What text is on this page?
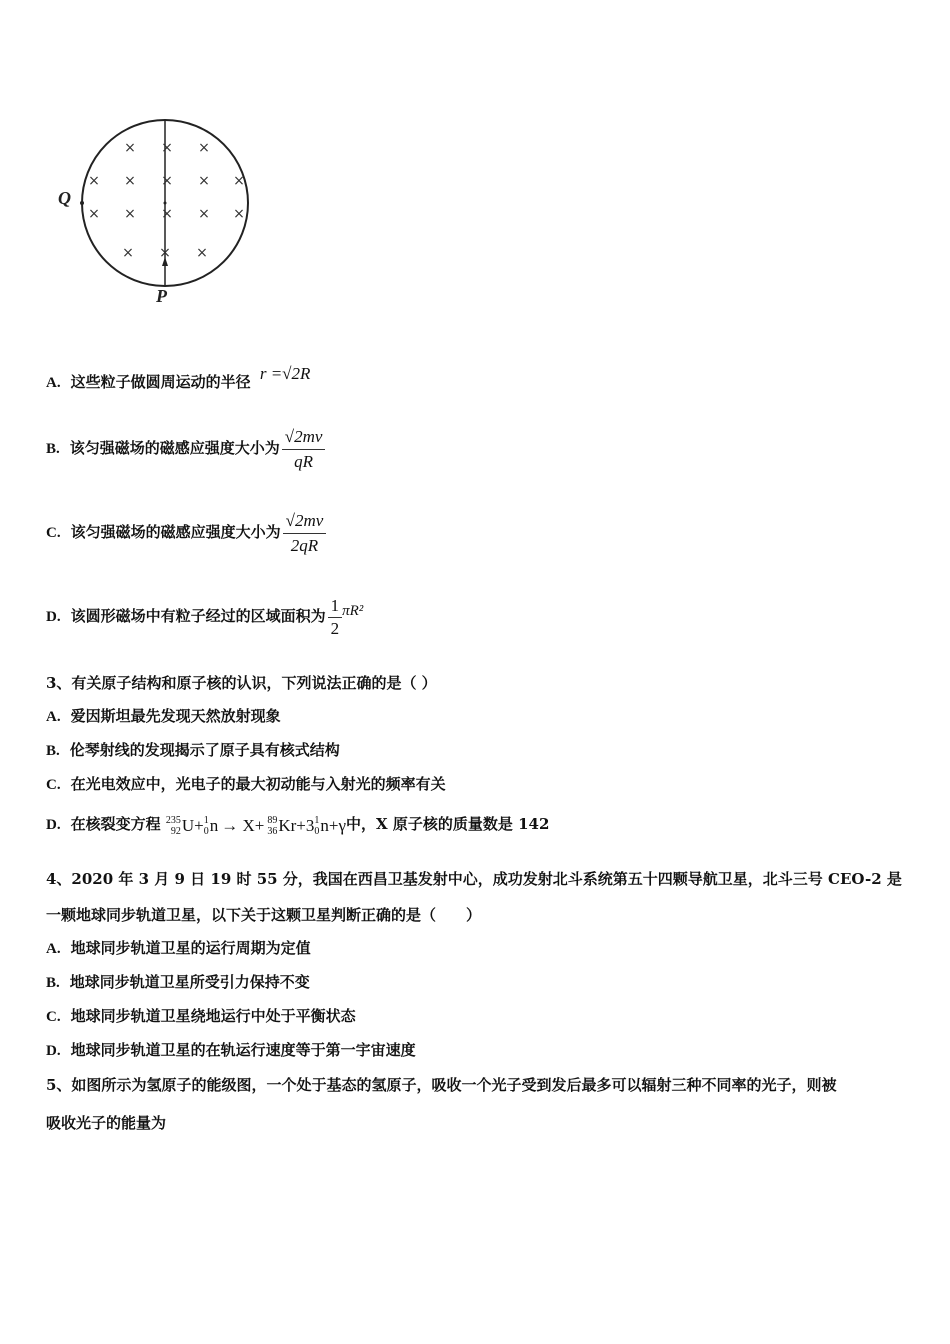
× × ×
× × × × ×
× × × × ×
× × ×
Q
P
A. 这些粒子做圆周运动的半径 r =√2R
B. 该匀强磁场的磁感应强度大小为 $\frac{√2mv}{qR}$
C. 该匀强磁场的磁感应强度大小为 $\frac{√2mv}{2qR}$
D. 该圆形磁场中有粒子经过的区域面积为 $\frac{1}{2} \pi R^2$
3、有关原子结构和原子核的认识，下列说法正确的是（ ）
A. 爱因斯坦最先发现天然放射现象
B. 伦琴射线的发现揭示了原子具有核式结构
C. 在光电效应中，光电子的最大初动能与入射光的频率有关
D. 在核裂变方程 235
92 U+ 1
0 n → X+ 89
36 Kr+3 1
0 n+γ 中，X 原子核的质量数是 142
4、2020 年 3 月 9 日 19 时 55 分，我国在西昌卫基发射中心，成功发射北斗系统第五十四颗导航卫星，北斗三号 CEO-2 是
一颗地球同步轨道卫星，以下关于这颗卫星判断正确的是（　　）
A. 地球同步轨道卫星的运行周期为定值
B. 地球同步轨道卫星所受引力保持不变
C. 地球同步轨道卫星绕地运行中处于平衡状态
D. 地球同步轨道卫星的在轨运行速度等于第一宇宙速度
5、如图所示为氢原子的能级图，一个处于基态的氢原子，吸收一个光子受到发后最多可以辐射三种不同率的光子，则被
吸收光子的能量为
